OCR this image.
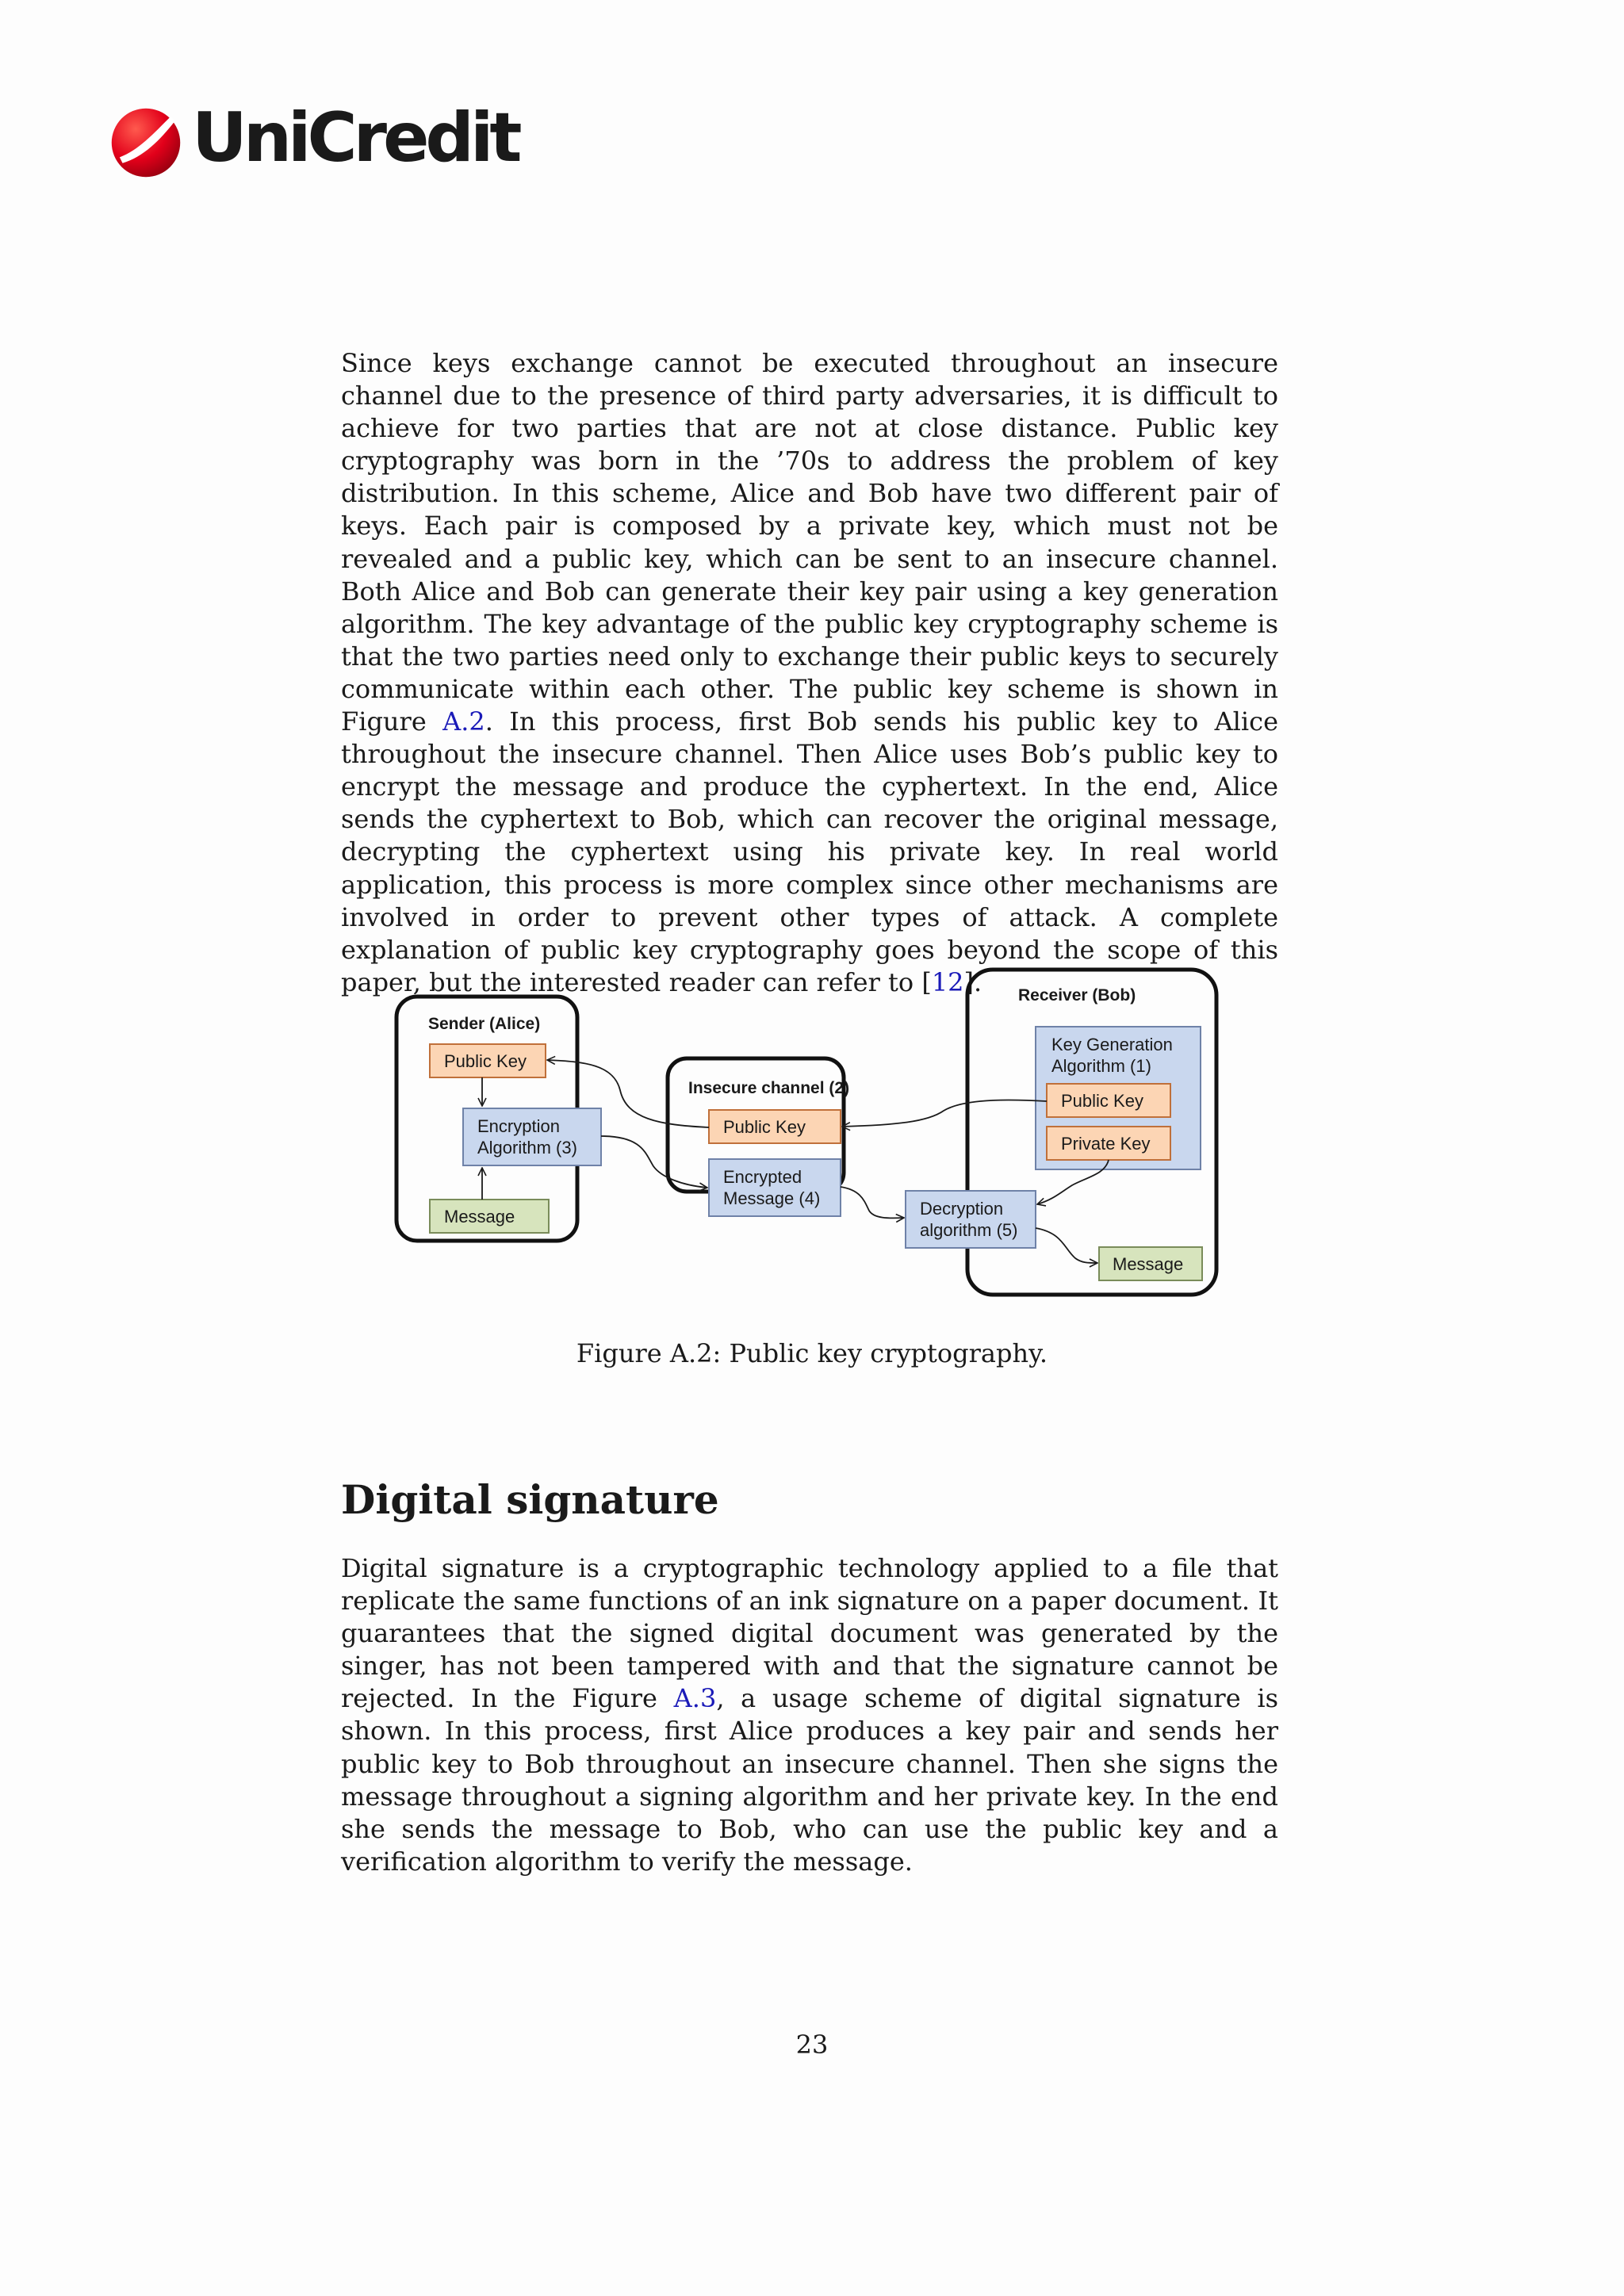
UniCredit

Since keys exchange cannot be executed throughout an insecure channel due to the presence of third party adversaries, it is difficult to achieve for two parties that are not at close distance. Public key cryptography was born in the ’70s to address the problem of key distribution. In this scheme, Alice and Bob have two different pair of keys. Each pair is composed by a private key, which must not be revealed and a public key, which can be sent to an insecure channel. Both Alice and Bob can generate their key pair using a key generation algorithm. The key advantage of the public key cryptography scheme is that the two parties need only to exchange their public keys to securely communicate within each other. The public key scheme is shown in Figure A.2. In this process, first Bob sends his public key to Alice throughout the insecure channel. Then Alice uses Bob’s public key to encrypt the message and produce the cyphertext. In the end, Alice sends the cyphertext to Bob, which can recover the original message, decrypting the cyphertext using his private key. In real world application, this process is more complex since other mechanisms are involved in order to prevent other types of attack. A complete explanation of public key cryptography goes beyond the scope of this paper, but the interested reader can refer to [12].

Sender (Alice)
Public Key
Encryption
Algorithm (3)
Message
Insecure channel (2)
Public Key
Encrypted
Message (4)
Receiver (Bob)
Key Generation
Algorithm (1)
Public Key
Private Key
Message
Decryption
algorithm (5)

Figure A.2: Public key cryptography.

Digital signature

Digital signature is a cryptographic technology applied to a file that replicate the same functions of an ink signature on a paper document. It guarantees that the signed digital document was generated by the singer, has not been tampered with and that the signature cannot be rejected. In the Figure A.3, a usage scheme of digital signature is shown. In this process, first Alice produces a key pair and sends her public key to Bob throughout an insecure channel. Then she signs the message throughout a signing algorithm and her private key. In the end she sends the message to Bob, who can use the public key and a verification algorithm to verify the message.

23
